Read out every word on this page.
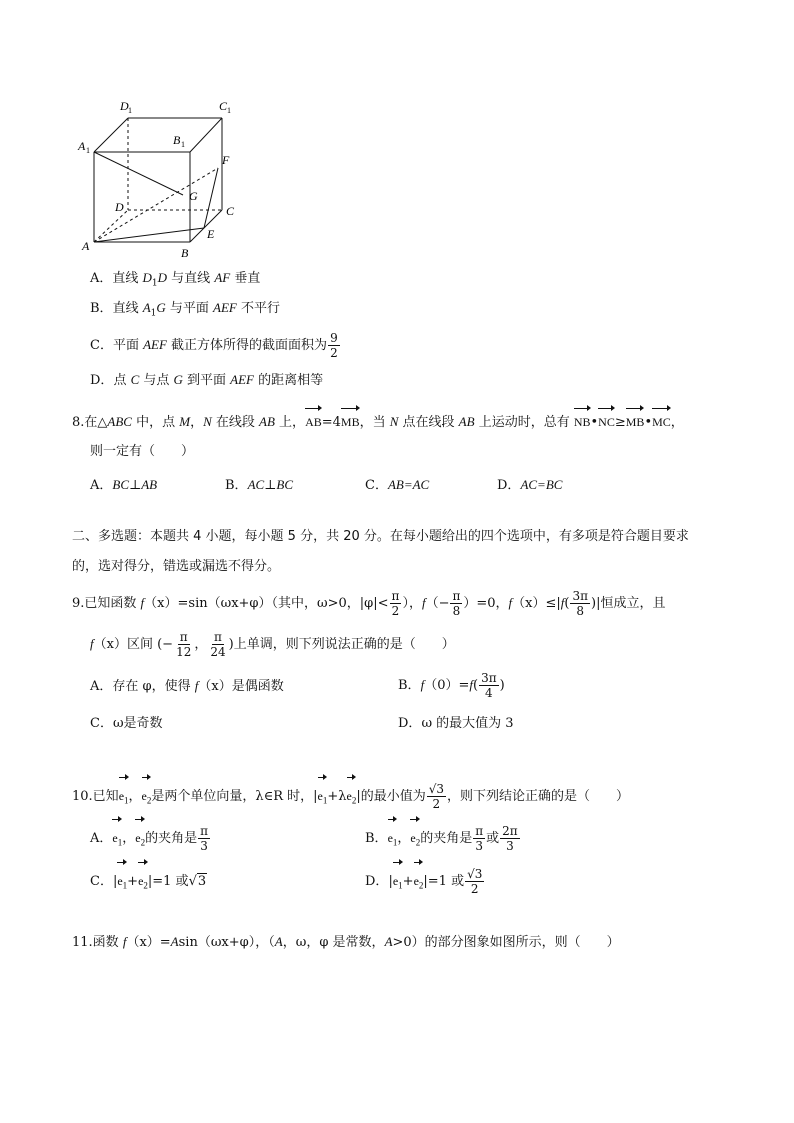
A 1
D 1	C 1
B 1
F
G
D	C
A
E
B
A．直线 $D_1D$ 与直线 AF 垂直
B．直线 $A_1G$ 与平面 AEF 不平行
C．平面 AEF 截正方体所得的截面面积为 $\frac{9}{2}$
D．点 C 与点 G 到平面 AEF 的距离相等
8.在△ABC 中，点 M，N 在线段 AB 上，AB=4MB，当 N 点在线段 AB 上运动时，总有 NB•NC≥MB•MC，
则一定有（　　）
A．BC⊥AB	B．AC⊥BC	C．AB=AC	D．AC=BC
二、多选题：本题共 4 小题，每小题 5 分，共 20 分。在每小题给出的四个选项中，有多项是符合题目要求
的，选对得分，错选或漏选不得分。
9.已知函数 f（x）=sin（ωx+φ）（其中，ω>0，$|\varphi|< \frac{\pi}{2}$ ），$f(- \frac{\pi}{8} )=0$，$f(x)\le|f( \frac{3\pi}{8}$ )|恒成立，且
f（x）区间 (− $\frac{\pi}{12}$ ， $\frac{\pi}{24}$ )上单调，则下列说法正确的是（　　）
A．存在 φ，使得 f（x）是偶函数	B．$f(0)=f( \frac{3\pi}{4}$ )
C．ω是奇数	D．ω 的最大值为 3
10.已知$e_1$，$e_2$是两个单位向量，λ∈R 时，$|e_1+\lambda e_2|$的最小值为 $\frac{√3}{2}$ ，则下列结论正确的是（　　）
A．$e_1$，$e_2$的夹角是 $\frac{\pi}{3}$	B．$e_1$，$e_2$的夹角是 $\frac{\pi}{3}$ 或 $\frac{2\pi}{3}$
C．$|e_1+e_2|=1$ 或√3	D．$|e_1+e_2|=1$ 或 $\frac{√3}{2}$
11.函数 f（x）=Asin（ωx+φ），（A，ω，φ 是常数，A>0）的部分图象如图所示，则（　　）
